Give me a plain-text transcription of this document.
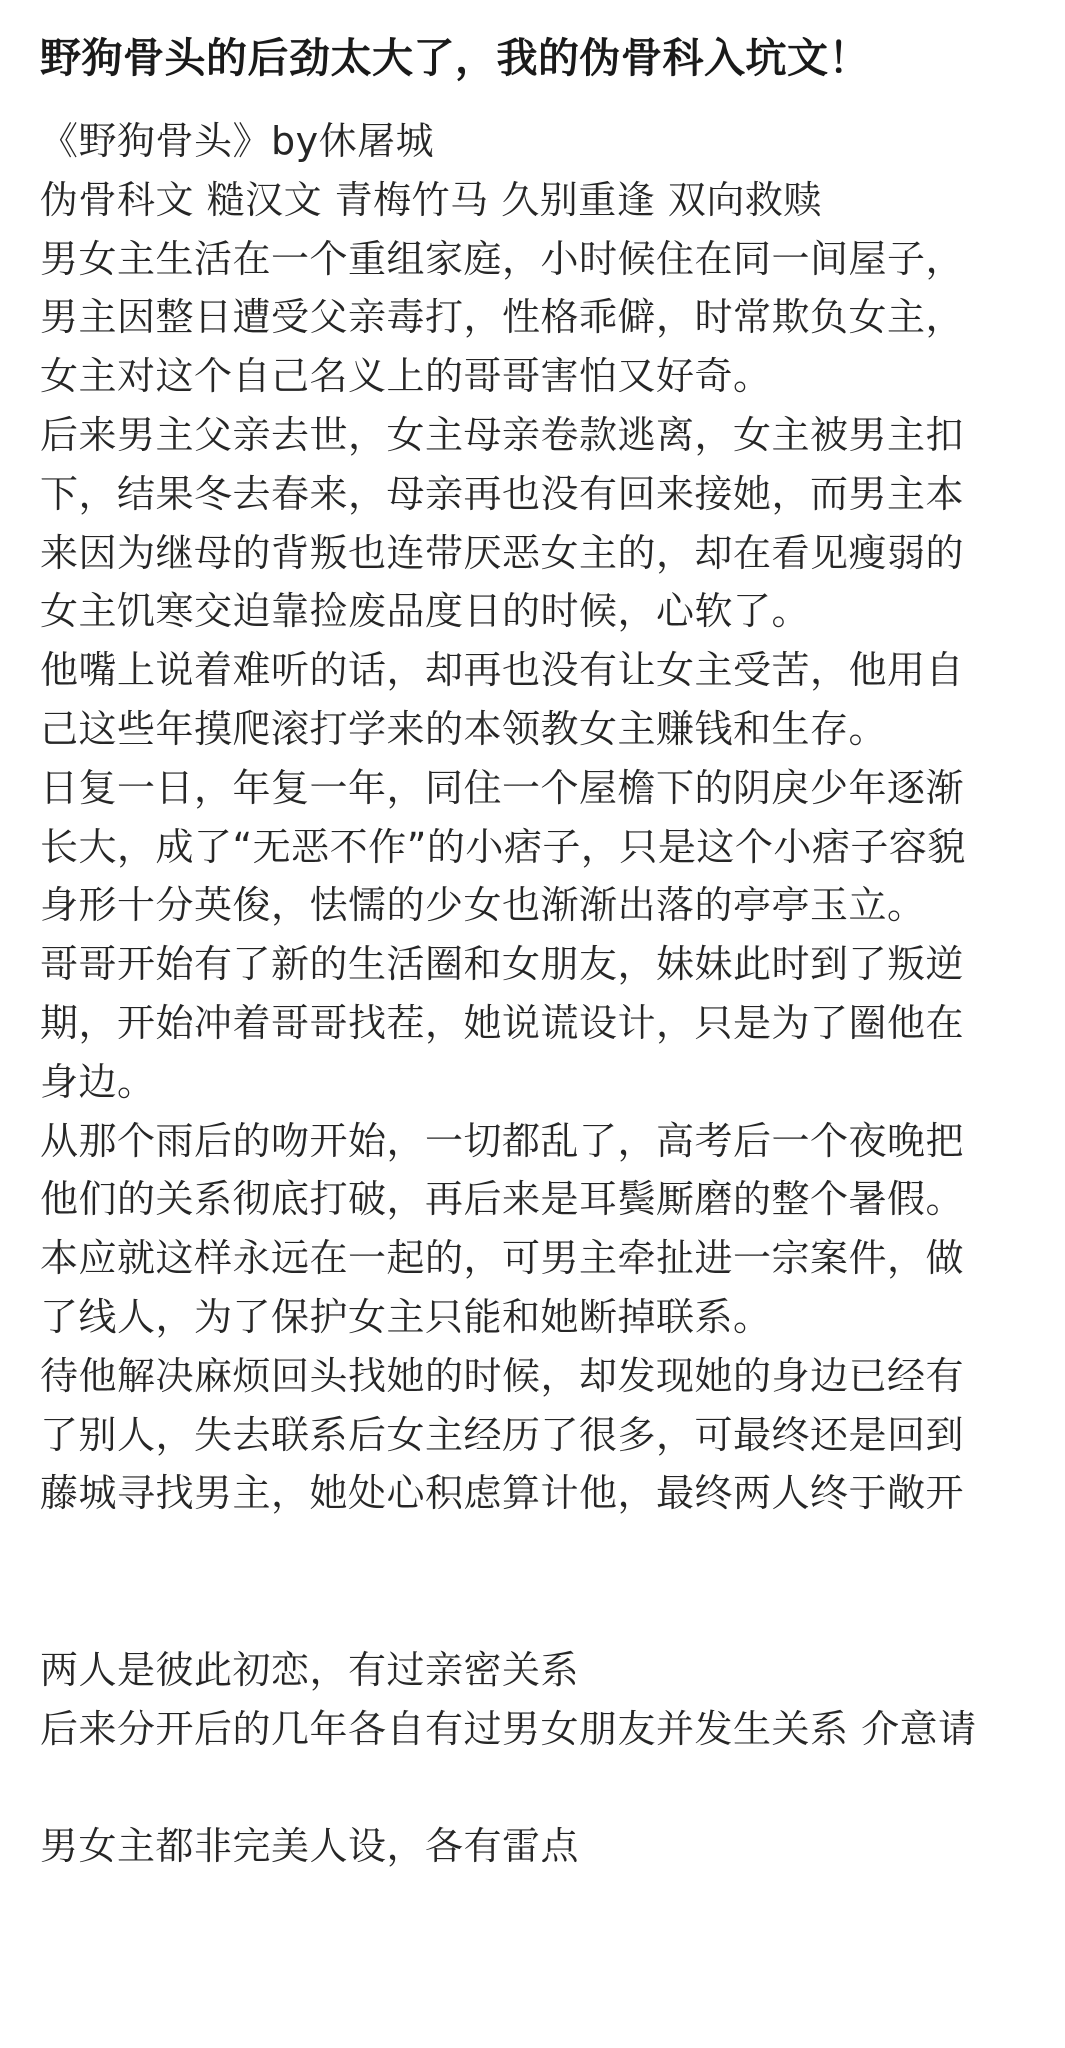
野狗骨头的后劲太大了，我的伪骨科入坑文！
《野狗骨头》by休屠城
伪骨科文 糙汉文 青梅竹马 久别重逢 双向救赎
男女主生活在一个重组家庭，小时候住在同一间屋子，
男主因整日遭受父亲毒打，性格乖僻，时常欺负女主，
女主对这个自己名义上的哥哥害怕又好奇。
后来男主父亲去世，女主母亲卷款逃离，女主被男主扣
下，结果冬去春来，母亲再也没有回来接她，而男主本
来因为继母的背叛也连带厌恶女主的，却在看见瘦弱的
女主饥寒交迫靠捡废品度日的时候，心软了。
他嘴上说着难听的话，却再也没有让女主受苦，他用自
己这些年摸爬滚打学来的本领教女主赚钱和生存。
日复一日，年复一年，同住一个屋檐下的阴戾少年逐渐
长大，成了“无恶不作”的小痞子，只是这个小痞子容貌
身形十分英俊，怯懦的少女也渐渐出落的亭亭玉立。
哥哥开始有了新的生活圈和女朋友，妹妹此时到了叛逆
期，开始冲着哥哥找茬，她说谎设计，只是为了圈他在
身边。
从那个雨后的吻开始，一切都乱了，高考后一个夜晚把
他们的关系彻底打破，再后来是耳鬓厮磨的整个暑假。
本应就这样永远在一起的，可男主牵扯进一宗案件，做
了线人，为了保护女主只能和她断掉联系。
待他解决麻烦回头找她的时候，却发现她的身边已经有
了别人，失去联系后女主经历了很多，可最终还是回到
藤城寻找男主，她处心积虑算计他，最终两人终于敞开
两人是彼此初恋，有过亲密关系
后来分开后的几年各自有过男女朋友并发生关系 介意请
男女主都非完美人设，各有雷点
